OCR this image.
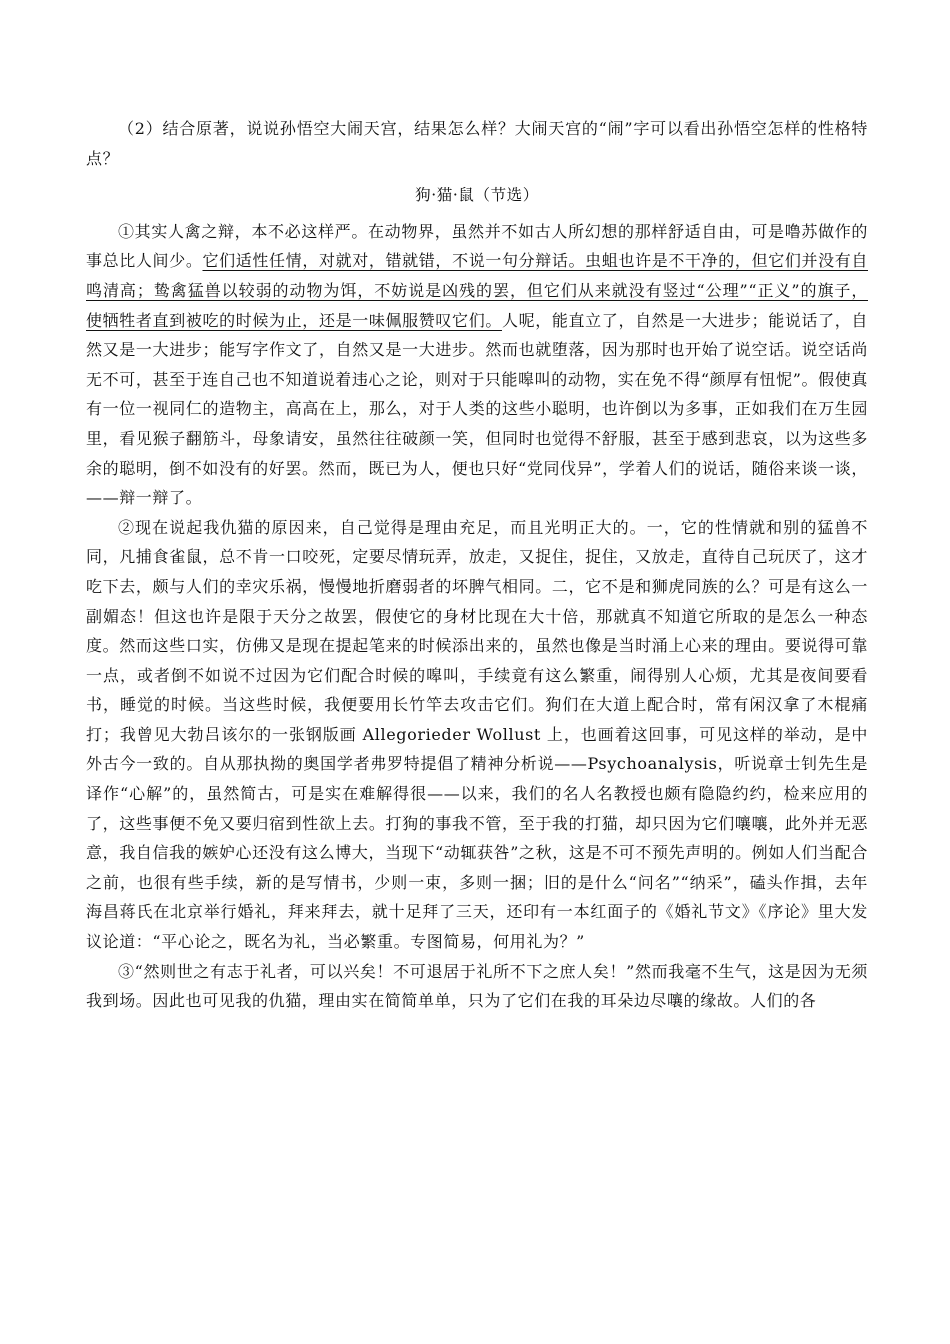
（2）结合原著，说说孙悟空大闹天宫，结果怎么样？大闹天宫的“闹”字可以看出孙悟空怎样的性格特点？

狗·猫·鼠（节选）

①其实人禽之辩，本不必这样严。在动物界，虽然并不如古人所幻想的那样舒适自由，可是噜苏做作的事总比人间少。它们适性任情，对就对，错就错，不说一句分辩话。虫蛆也许是不干净的，但它们并没有自鸣清高；鸷禽猛兽以较弱的动物为饵，不妨说是凶残的罢，但它们从来就没有竖过“公理”“正义”的旗子，使牺牲者直到被吃的时候为止，还是一味佩服赞叹它们。人呢，能直立了，自然是一大进步；能说话了，自然又是一大进步；能写字作文了，自然又是一大进步。然而也就堕落，因为那时也开始了说空话。说空话尚无不可，甚至于连自己也不知道说着违心之论，则对于只能嗥叫的动物，实在免不得“颜厚有忸怩”。假使真有一位一视同仁的造物主，高高在上，那么，对于人类的这些小聪明，也许倒以为多事，正如我们在万生园里，看见猴子翻筋斗，母象请安，虽然往往破颜一笑，但同时也觉得不舒服，甚至于感到悲哀，以为这些多余的聪明，倒不如没有的好罢。然而，既已为人，便也只好“党同伐异”，学着人们的说话，随俗来谈一谈，——辩一辩了。

②现在说起我仇猫的原因来，自己觉得是理由充足，而且光明正大的。一，它的性情就和别的猛兽不同，凡捕食雀鼠，总不肯一口咬死，定要尽情玩弄，放走，又捉住，捉住，又放走，直待自己玩厌了，这才吃下去，颇与人们的幸灾乐祸，慢慢地折磨弱者的坏脾气相同。二，它不是和狮虎同族的么？可是有这么一副媚态！但这也许是限于天分之故罢，假使它的身材比现在大十倍，那就真不知道它所取的是怎么一种态度。然而这些口实，仿佛又是现在提起笔来的时候添出来的，虽然也像是当时涌上心来的理由。要说得可靠一点，或者倒不如说不过因为它们配合时候的嗥叫，手续竟有这么繁重，闹得别人心烦，尤其是夜间要看书，睡觉的时候。当这些时候，我便要用长竹竿去攻击它们。狗们在大道上配合时，常有闲汉拿了木棍痛打；我曾见大勃吕该尔的一张钢版画 Allegorieder Wollust 上，也画着这回事，可见这样的举动，是中外古今一致的。自从那执拗的奥国学者弗罗特提倡了精神分析说——Psychoanalysis，听说章士钊先生是译作“心解”的，虽然简古，可是实在难解得很——以来，我们的名人名教授也颇有隐隐约约，检来应用的了，这些事便不免又要归宿到性欲上去。打狗的事我不管，至于我的打猫，却只因为它们嚷嚷，此外并无恶意，我自信我的嫉妒心还没有这么博大，当现下“动辄获咎”之秋，这是不可不预先声明的。例如人们当配合之前，也很有些手续，新的是写情书，少则一束，多则一捆；旧的是什么“问名”“纳采”，磕头作揖，去年海昌蒋氏在北京举行婚礼，拜来拜去，就十足拜了三天，还印有一本红面子的《婚礼节文》《序论》里大发议论道：“平心论之，既名为礼，当必繁重。专图简易，何用礼为？”

③“然则世之有志于礼者，可以兴矣！不可退居于礼所不下之庶人矣！”然而我毫不生气，这是因为无须我到场。因此也可见我的仇猫，理由实在简简单单，只为了它们在我的耳朵边尽嚷的缘故。人们的各
